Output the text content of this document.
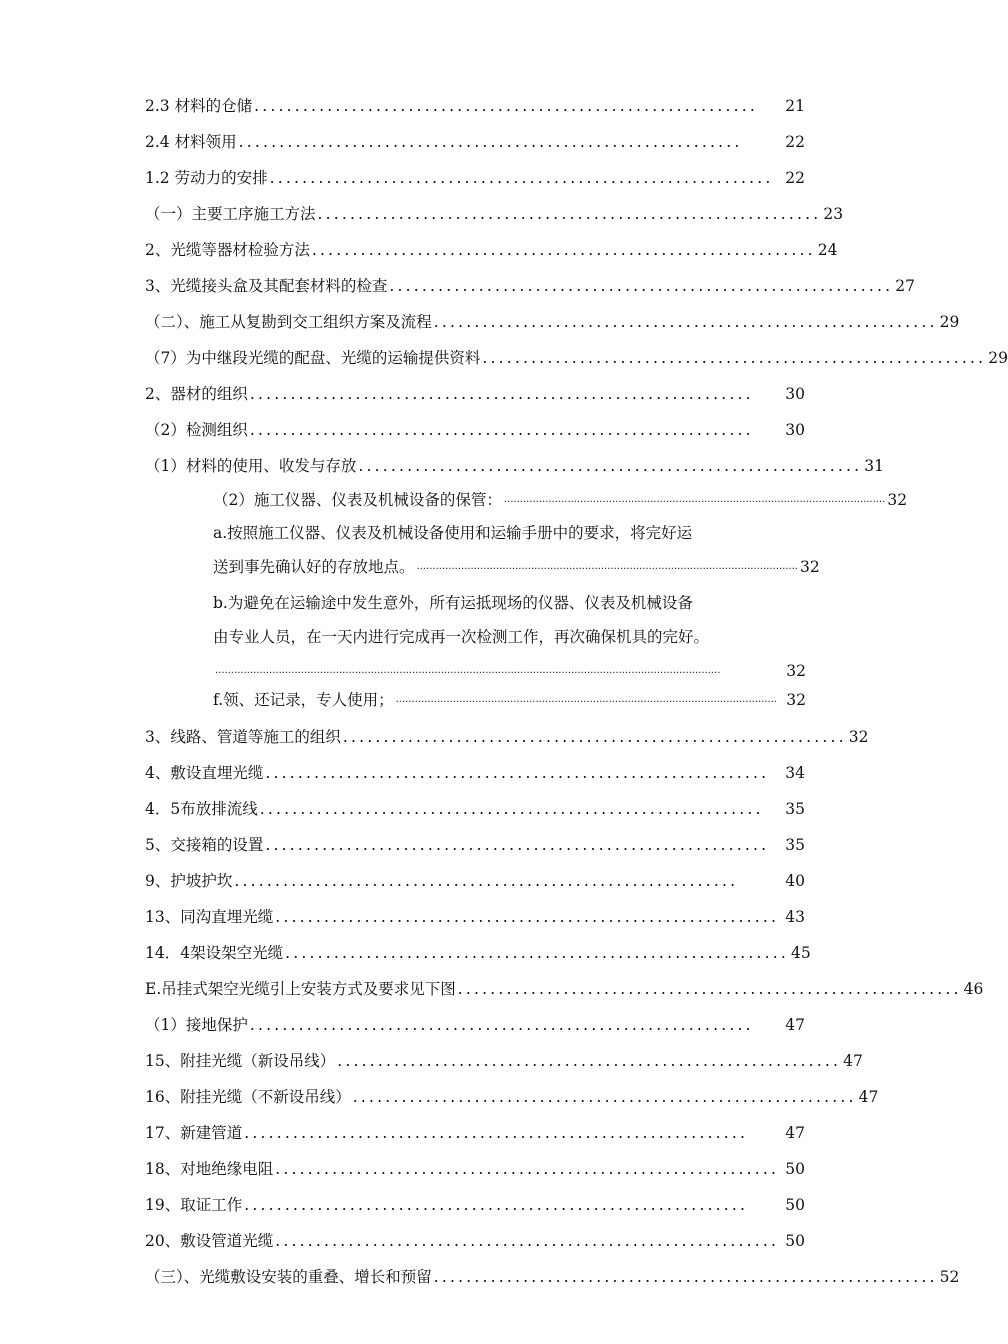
2.3 材料的仓储 ..............................................................	21
2.4 材料领用 ..............................................................	22
1.2 劳动力的安排 .............................................................. 22
（一）主要工序施工方法 .............................................................. 23
2、光缆等器材检验方法 .............................................................. 24
3、光缆接头盒及其配套材料的检查 .............................................................. 27
（二）、施工从复勘到交工组织方案及流程 .............................................................. 29
（7）为中继段光缆的配盘、光缆的运输提供资料 .............................................................. 29
2、器材的组织 ..............................................................	30
（2）检测组织 ..............................................................	30
（1）材料的使用、收发与存放 .............................................................. 31
（2）施工仪器、仪表及机械设备的保管： ........................................................................................................................ 32
a.按照施工仪器、仪表及机械设备使用和运输手册中的要求，将完好运
送到事先确认好的存放地点。 ........................................................................................................................ 32
b.为避免在运输途中发生意外，所有运抵现场的仪器、仪表及机械设备
由专业人员，在一天内进行完成再一次检测工作，再次确保机具的完好。
...............................................................................................................................................................	32
f.领、还记录，专人使用； ........................................................................................................................ 32
3、线路、管道等施工的组织 .............................................................. 32
4、敷设直埋光缆 ..............................................................	34
4．5布放排流线 ..............................................................	35
5、交接箱的设置 ..............................................................	35
9、护坡护坎 ..............................................................	40
13、同沟直埋光缆 .............................................................. 43
14．4架设架空光缆 .............................................................. 45
E.吊挂式架空光缆引上安装方式及要求见下图 .............................................................. 46
（1）接地保护 ..............................................................	47
15、附挂光缆（新设吊线） .............................................................. 47
16、附挂光缆（不新设吊线） .............................................................. 47
17、新建管道 ..............................................................	47
18、对地绝缘电阻 .............................................................. 50
19、取证工作 ..............................................................	50
20、敷设管道光缆 .............................................................. 50
（三）、光缆敷设安装的重叠、增长和预留 .............................................................. 52
